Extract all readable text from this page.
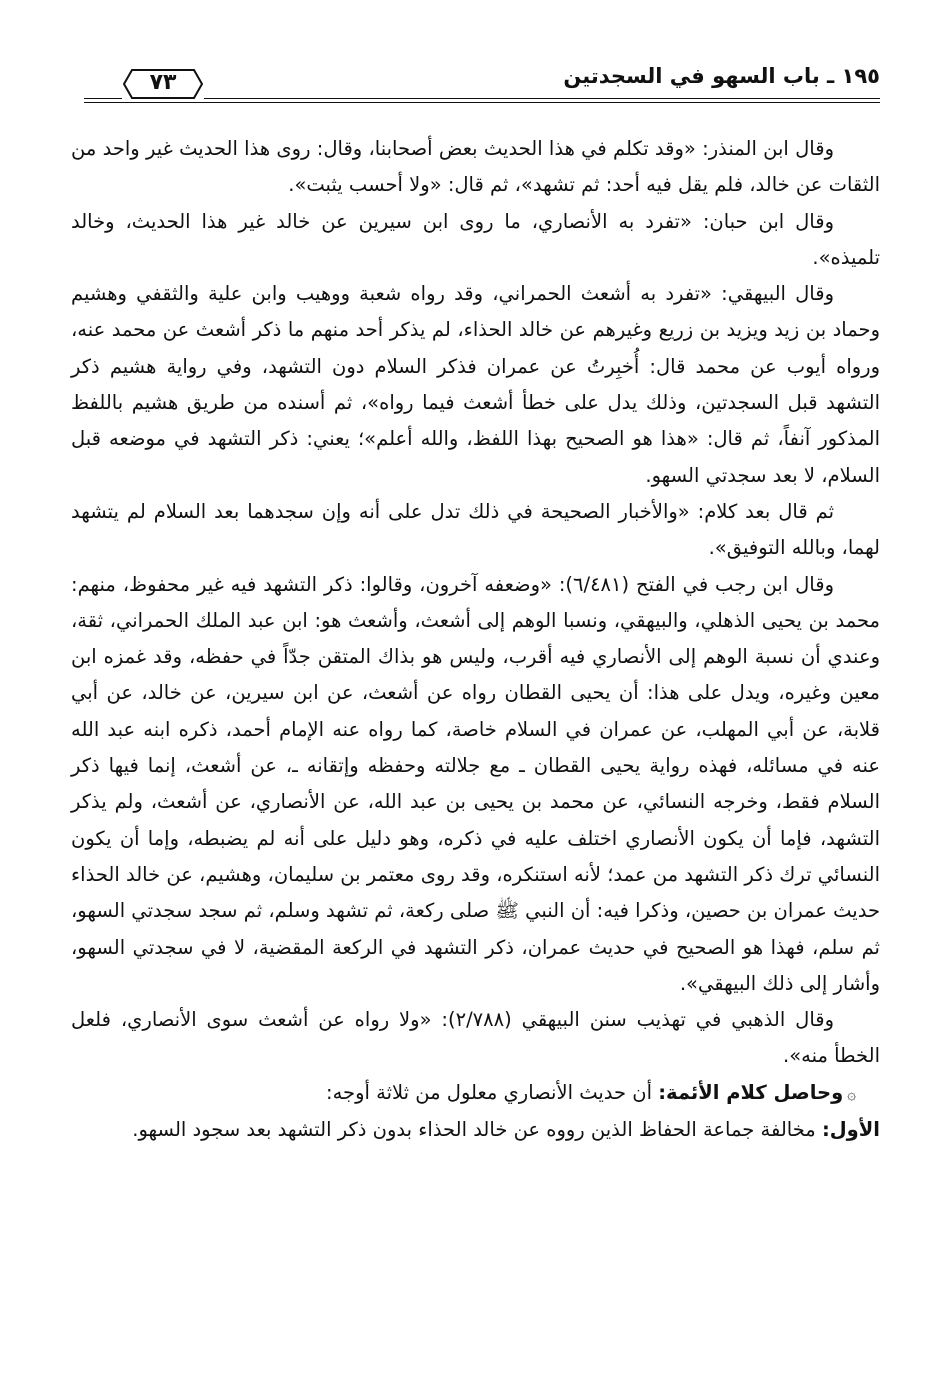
١٩٥ ـ باب السهو في السجدتين
٧٣

وقال ابن المنذر: «وقد تكلم في هذا الحديث بعض أصحابنا، وقال: روى هذا الحديث غير واحد من الثقات عن خالد، فلم يقل فيه أحد: ثم تشهد»، ثم قال: «ولا أحسب يثبت».

وقال ابن حبان: «تفرد به الأنصاري، ما روى ابن سيرين عن خالد غير هذا الحديث، وخالد تلميذه».

وقال البيهقي: «تفرد به أشعث الحمراني، وقد رواه شعبة ووهيب وابن علية والثقفي وهشيم وحماد بن زيد ويزيد بن زريع وغيرهم عن خالد الحذاء، لم يذكر أحد منهم ما ذكر أشعث عن محمد عنه، ورواه أيوب عن محمد قال: أُخبِرتُ عن عمران فذكر السلام دون التشهد، وفي رواية هشيم ذكر التشهد قبل السجدتين، وذلك يدل على خطأ أشعث فيما رواه»، ثم أسنده من طريق هشيم باللفظ المذكور آنفاً، ثم قال: «هذا هو الصحيح بهذا اللفظ، والله أعلم»؛ يعني: ذكر التشهد في موضعه قبل السلام، لا بعد سجدتي السهو.

ثم قال بعد كلام: «والأخبار الصحيحة في ذلك تدل على أنه وإن سجدهما بعد السلام لم يتشهد لهما، وبالله التوفيق».

وقال ابن رجب في الفتح (٦/٤٨١): «وضعفه آخرون، وقالوا: ذكر التشهد فيه غير محفوظ، منهم: محمد بن يحيى الذهلي، والبيهقي، ونسبا الوهم إلى أشعث، وأشعث هو: ابن عبد الملك الحمراني، ثقة، وعندي أن نسبة الوهم إلى الأنصاري فيه أقرب، وليس هو بذاك المتقن جدّاً في حفظه، وقد غمزه ابن معين وغيره، ويدل على هذا: أن يحيى القطان رواه عن أشعث، عن ابن سيرين، عن خالد، عن أبي قلابة، عن أبي المهلب، عن عمران في السلام خاصة، كما رواه عنه الإمام أحمد، ذكره ابنه عبد الله عنه في مسائله، فهذه رواية يحيى القطان ـ مع جلالته وحفظه وإتقانه ـ، عن أشعث، إنما فيها ذكر السلام فقط، وخرجه النسائي، عن محمد بن يحيى بن عبد الله، عن الأنصاري، عن أشعث، ولم يذكر التشهد، فإما أن يكون الأنصاري اختلف عليه في ذكره، وهو دليل على أنه لم يضبطه، وإما أن يكون النسائي ترك ذكر التشهد من عمد؛ لأنه استنكره، وقد روى معتمر بن سليمان، وهشيم، عن خالد الحذاء حديث عمران بن حصين، وذكرا فيه: أن النبي ﷺ صلى ركعة، ثم تشهد وسلم، ثم سجد سجدتي السهو، ثم سلم، فهذا هو الصحيح في حديث عمران، ذكر التشهد في الركعة المقضية، لا في سجدتي السهو، وأشار إلى ذلك البيهقي».

وقال الذهبي في تهذيب سنن البيهقي (٢/٧٨٨): «ولا رواه عن أشعث سوى الأنصاري، فلعل الخطأ منه».

۞وحاصل كلام الأئمة: أن حديث الأنصاري معلول من ثلاثة أوجه:

الأول: مخالفة جماعة الحفاظ الذين رووه عن خالد الحذاء بدون ذكر التشهد بعد سجود السهو.
